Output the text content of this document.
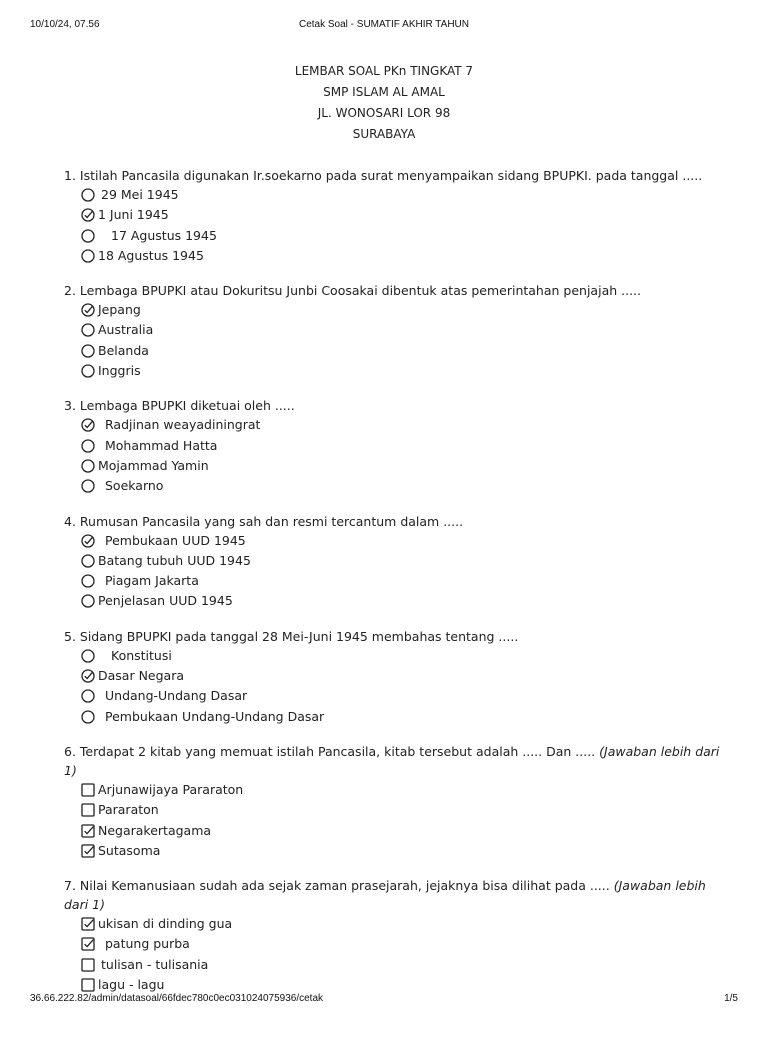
10/10/24, 07.56	Cetak Soal - SUMATIF AKHIR TAHUN
LEMBAR SOAL PKn TINGKAT 7
SMP ISLAM AL AMAL
JL. WONOSARI LOR 98
SURABAYA
1. Istilah Pancasila digunakan Ir.soekarno pada surat menyampaikan sidang BPUPKI. pada tanggal .....

29 Mei 1945

1 Juni 1945

17 Agustus 1945

18 Agustus 1945

2. Lembaga BPUPKI atau Dokuritsu Junbi Coosakai dibentuk atas pemerintahan penjajah .....

Jepang

Australia

Belanda

Inggris

3. Lembaga BPUPKI diketuai oleh .....

Radjinan weayadiningrat

Mohammad Hatta

Mojammad Yamin

Soekarno

4. Rumusan Pancasila yang sah dan resmi tercantum dalam .....

Pembukaan UUD 1945

Batang tubuh UUD 1945

Piagam Jakarta

Penjelasan UUD 1945

5. Sidang BPUPKI pada tanggal 28 Mei-Juni 1945 membahas tentang .....

Konstitusi

Dasar Negara

Undang-Undang Dasar

Pembukaan Undang-Undang Dasar

6. Terdapat 2 kitab yang memuat istilah Pancasila, kitab tersebut adalah ..... Dan ..... (Jawaban lebih dari 1)

Arjunawijaya Pararaton

Pararaton

Negarakertagama

Sutasoma

7. Nilai Kemanusiaan sudah ada sejak zaman prasejarah, jejaknya bisa dilihat pada ..... (Jawaban lebih dari 1)

ukisan di dinding gua

patung purba

tulisan - tulisania

lagu - lagu

36.66.222.82/admin/datasoal/66fdec780c0ec031024075936/cetak	1/5
